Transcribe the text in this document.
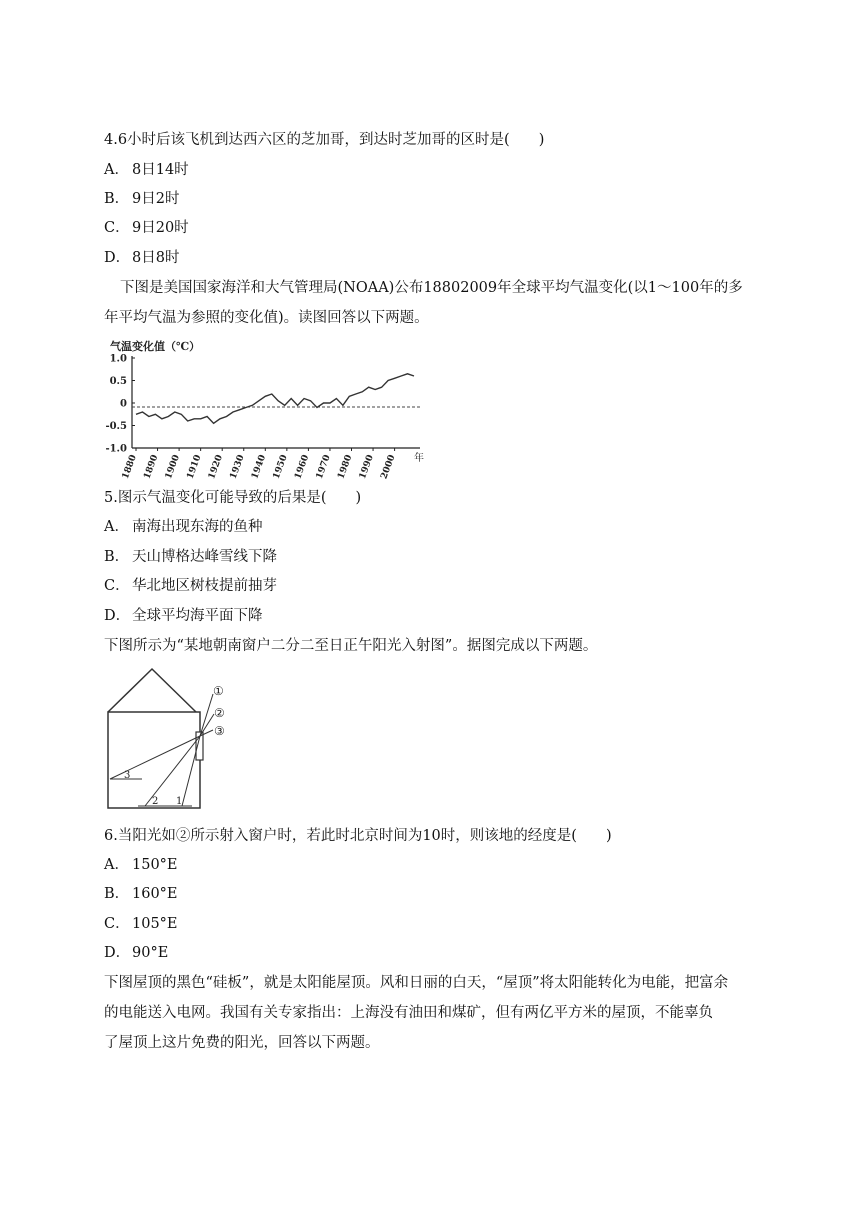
4.6小时后该飞机到达西六区的芝加哥，到达时芝加哥的区时是(　　)
A． 8日14时
B． 9日2时
C． 9日20时
D． 8日8时
下图是美国国家海洋和大气管理局(NOAA)公布18802009年全球平均气温变化(以1～100年的多
年平均气温为参照的变化值)。读图回答以下两题。
气温变化值（℃）
1.0
0.5
0
-0.5
-1.0
1880 1890 1900 1910 1920 1930 1940 1950 1960 1970 1980 1990 2000 年
5.图示气温变化可能导致的后果是(　　)
A． 南海出现东海的鱼种
B． 天山博格达峰雪线下降
C． 华北地区树枝提前抽芽
D． 全球平均海平面下降
下图所示为“某地朝南窗户二分二至日正午阳光入射图”。据图完成以下两题。
①
②
③
3
2 1
6.当阳光如②所示射入窗户时，若此时北京时间为10时，则该地的经度是(　　)
A． 150°E
B． 160°E
C． 105°E
D． 90°E
下图屋顶的黑色“硅板”，就是太阳能屋顶。风和日丽的白天，“屋顶”将太阳能转化为电能，把富余
的电能送入电网。我国有关专家指出：上海没有油田和煤矿，但有两亿平方米的屋顶，不能辜负
了屋顶上这片免费的阳光，回答以下两题。
